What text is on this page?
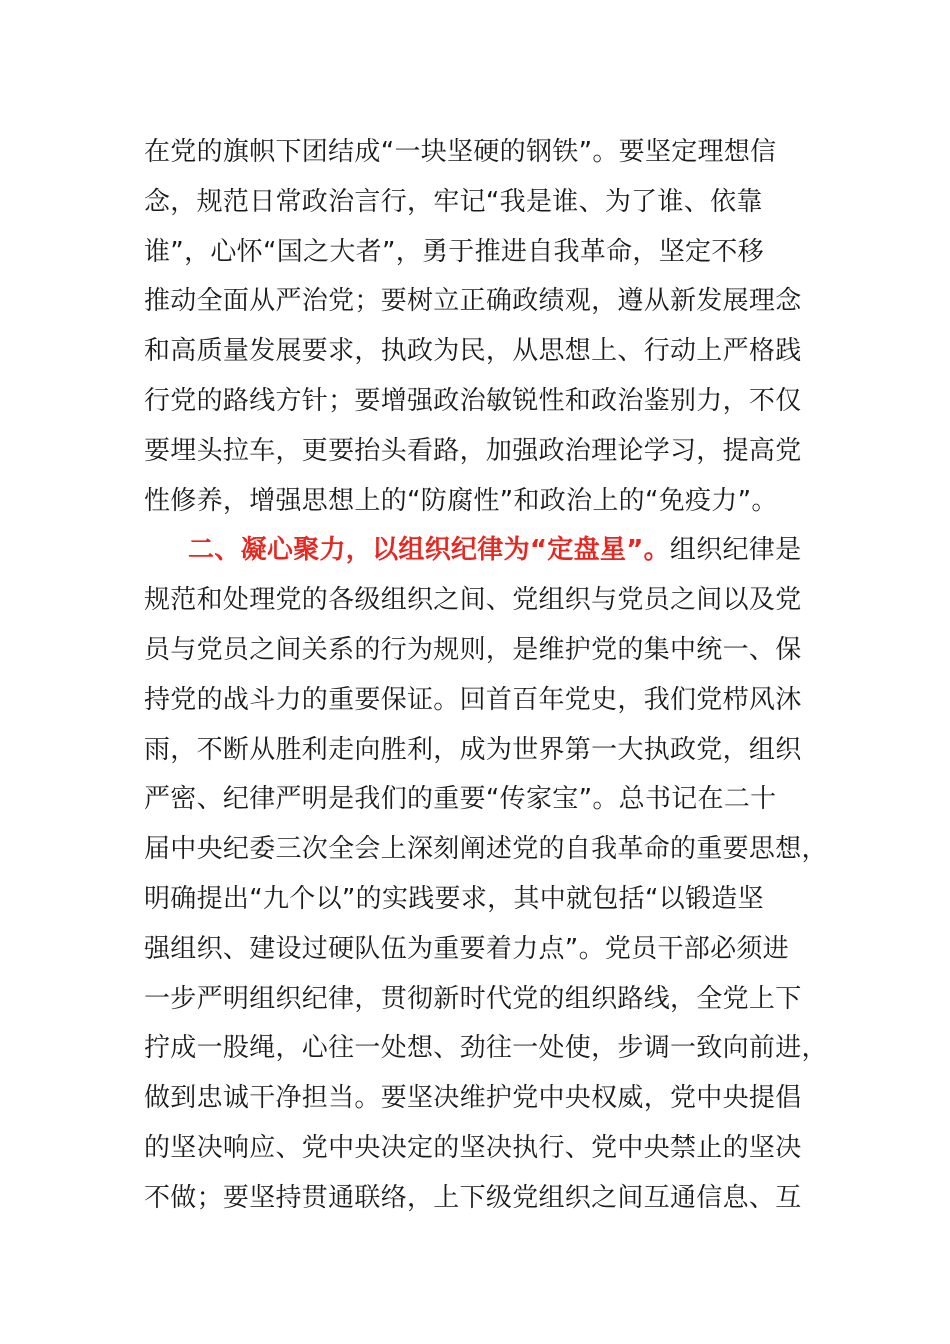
在党的旗帜下团结成“一块坚硬的钢铁”。要坚定理想信
念，规范日常政治言行，牢记“我是谁、为了谁、依靠
谁”，心怀“国之大者”，勇于推进自我革命，坚定不移
推动全面从严治党；要树立正确政绩观，遵从新发展理念
和高质量发展要求，执政为民，从思想上、行动上严格践
行党的路线方针；要增强政治敏锐性和政治鉴别力，不仅
要埋头拉车，更要抬头看路，加强政治理论学习，提高党
性修养，增强思想上的“防腐性”和政治上的“免疫力”。
二、凝心聚力，以组织纪律为“定盘星”。组织纪律是
规范和处理党的各级组织之间、党组织与党员之间以及党
员与党员之间关系的行为规则，是维护党的集中统一、保
持党的战斗力的重要保证。回首百年党史，我们党栉风沐
雨，不断从胜利走向胜利，成为世界第一大执政党，组织
严密、纪律严明是我们的重要“传家宝”。总书记在二十
届中央纪委三次全会上深刻阐述党的自我革命的重要思想，
明确提出“九个以”的实践要求，其中就包括“以锻造坚
强组织、建设过硬队伍为重要着力点”。党员干部必须进
一步严明组织纪律，贯彻新时代党的组织路线，全党上下
拧成一股绳，心往一处想、劲往一处使，步调一致向前进，
做到忠诚干净担当。要坚决维护党中央权威，党中央提倡
的坚决响应、党中央决定的坚决执行、党中央禁止的坚决
不做；要坚持贯通联络，上下级党组织之间互通信息、互
